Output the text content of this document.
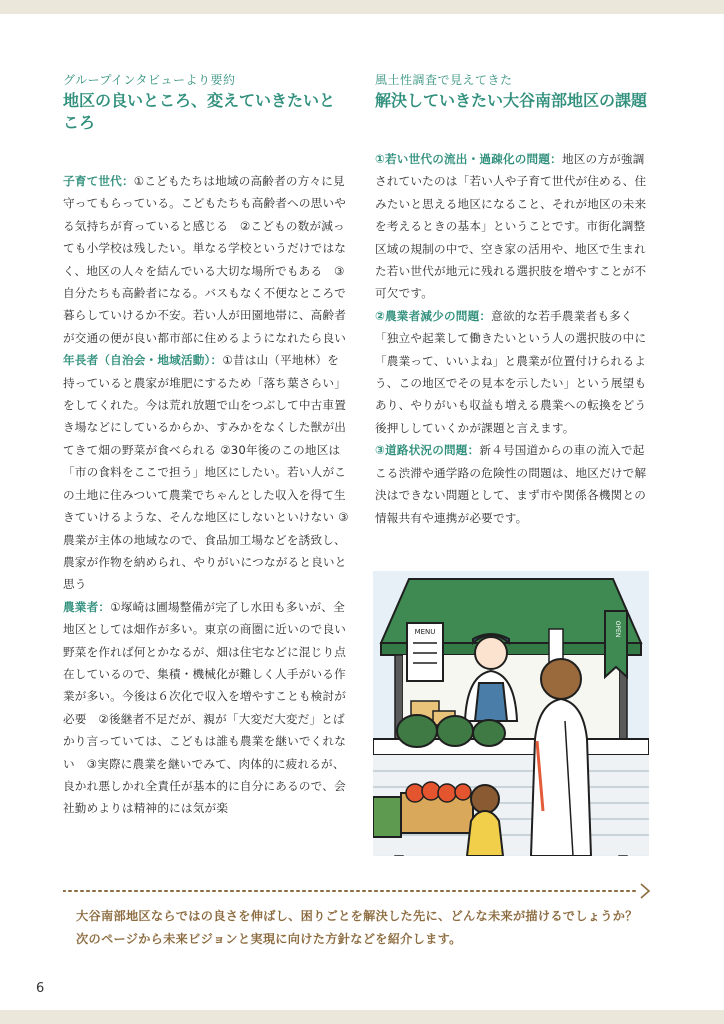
グループインタビューより要約
地区の良いところ、変えていきたいところ

子育て世代：①こどもたちは地域の高齢者の方々に見守ってもらっている。こどもたちも高齢者への思いやる気持ちが育っていると感じる　②こどもの数が減っても小学校は残したい。単なる学校というだけではなく、地区の人々を結んでいる大切な場所でもある　③自分たちも高齢者になる。バスもなく不便なところで暮らしていけるか不安。若い人が田園地帯に、高齢者が交通の便が良い都市部に住めるようになれたら良い

年長者（自治会・地域活動）：①昔は山（平地林）を持っていると農家が堆肥にするため「落ち葉さらい」をしてくれた。今は荒れ放題で山をつぶして中古車置き場などにしているからか、すみかをなくした獣が出てきて畑の野菜が食べられる ②30年後のこの地区は「市の食料をここで担う」地区にしたい。若い人がこの土地に住みついて農業でちゃんとした収入を得て生きていけるような、そんな地区にしないといけない ③農業が主体の地域なので、食品加工場などを誘致し、農家が作物を納められ、やりがいにつながると良いと思う

農業者：①塚崎は圃場整備が完了し水田も多いが、全地区としては畑作が多い。東京の商圏に近いので良い野菜を作れば何とかなるが、畑は住宅などに混じり点在しているので、集積・機械化が難しく人手がいる作業が多い。今後は６次化で収入を増やすことも検討が必要　②後継者不足だが、親が「大変だ大変だ」とばかり言っていては、こどもは誰も農業を継いでくれない　③実際に農業を継いでみて、肉体的に疲れるが、良かれ悪しかれ全責任が基本的に自分にあるので、会社勤めよりは精神的には気が楽

風土性調査で見えてきた
解決していきたい大谷南部地区の課題

①若い世代の流出・過疎化の問題：地区の方が強調されていたのは「若い人や子育て世代が住める、住みたいと思える地区になること、それが地区の未来を考えるときの基本」ということです。市街化調整区域の規制の中で、空き家の活用や、地区で生まれた若い世代が地元に残れる選択肢を増やすことが不可欠です。

②農業者減少の問題：意欲的な若手農業者も多く「独立や起業して働きたいという人の選択肢の中に「農業って、いいよね」と農業が位置付けられるよう、この地区でその見本を示したい」という展望もあり、やりがいも収益も増える農業への転換をどう後押ししていくかが課題と言えます。

③道路状況の問題：新４号国道からの車の流入で起こる渋滞や通学路の危険性の問題は、地区だけで解決はできない問題として、まず市や関係各機関との情報共有や連携が必要です。

MENU	OPEN

大谷南部地区ならではの良さを伸ばし、困りごとを解決した先に、どんな未来が描けるでしょうか？

次のページから未来ビジョンと実現に向けた方針などを紹介します。

6
